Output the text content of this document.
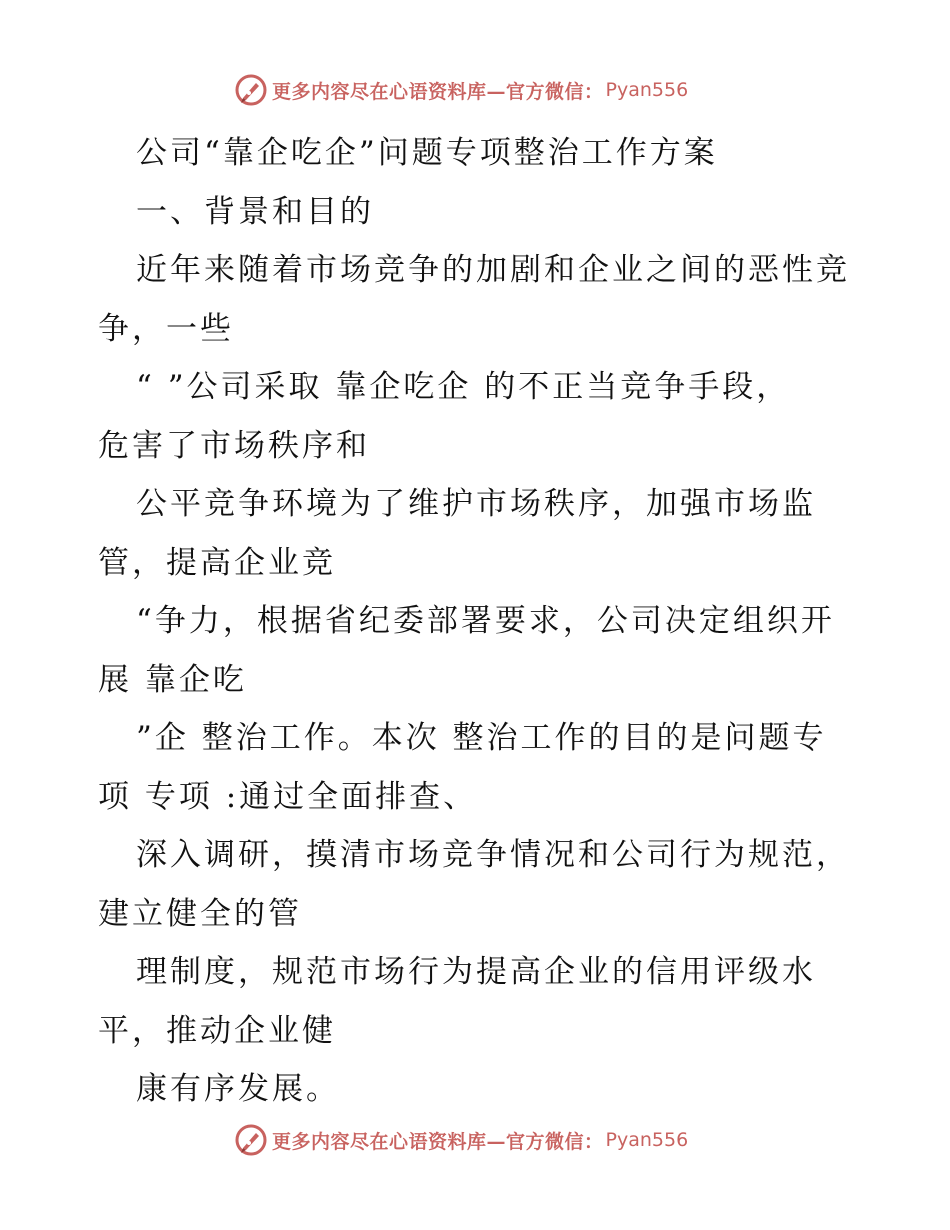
更多内容尽在心语资料库—官方微信： Pyan556

公司“靠企吃企”问题专项整治工作方案

一、背景和目的

近年来随着市场竞争的加剧和企业之间的恶性竞

争，一些

“ ”公司采取 靠企吃企 的不正当竞争手段，

危害了市场秩序和

公平竞争环境为了维护市场秩序，加强市场监

管，提高企业竞

“争力，根据省纪委部署要求，公司决定组织开

展 靠企吃

”企 整治工作。本次 整治工作的目的是问题专

项 专项 :通过全面排查、

深入调研，摸清市场竞争情况和公司行为规范，

建立健全的管

理制度，规范市场行为提高企业的信用评级水

平，推动企业健

康有序发展。

更多内容尽在心语资料库—官方微信： Pyan556
